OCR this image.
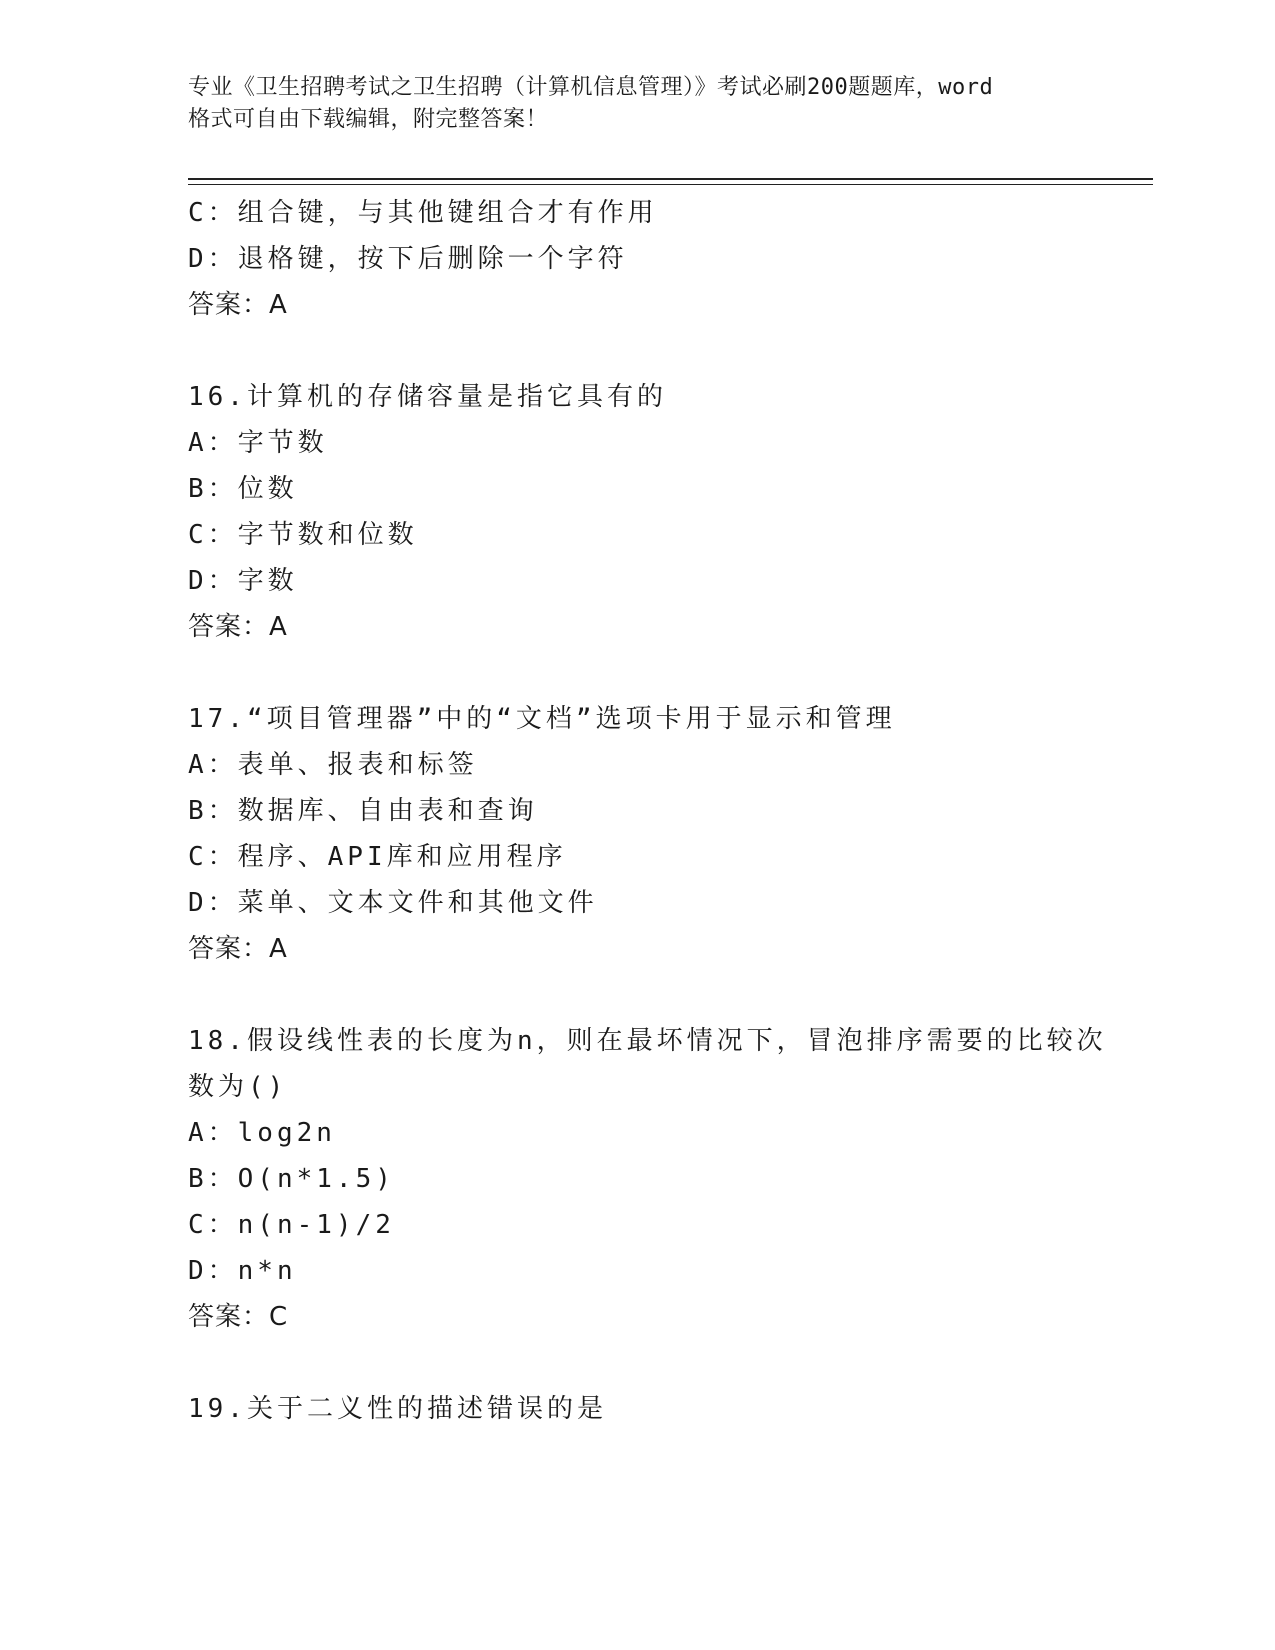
专业《卫生招聘考试之卫生招聘（计算机信息管理）》考试必刷200题题库，word
格式可自由下载编辑，附完整答案！
C：组合键，与其他键组合才有作用
D：退格键，按下后删除一个字符
答案：A
16.计算机的存储容量是指它具有的
A：字节数
B：位数
C：字节数和位数
D：字数
答案：A
17.“项目管理器”中的“文档”选项卡用于显示和管理
A：表单、报表和标签
B：数据库、自由表和查询
C：程序、API库和应用程序
D：菜单、文本文件和其他文件
答案：A
18.假设线性表的长度为n，则在最坏情况下，冒泡排序需要的比较次
数为()
A：log2n
B：O(n*1.5)
C：n(n-1)/2
D：n*n
答案：C
19.关于二义性的描述错误的是
